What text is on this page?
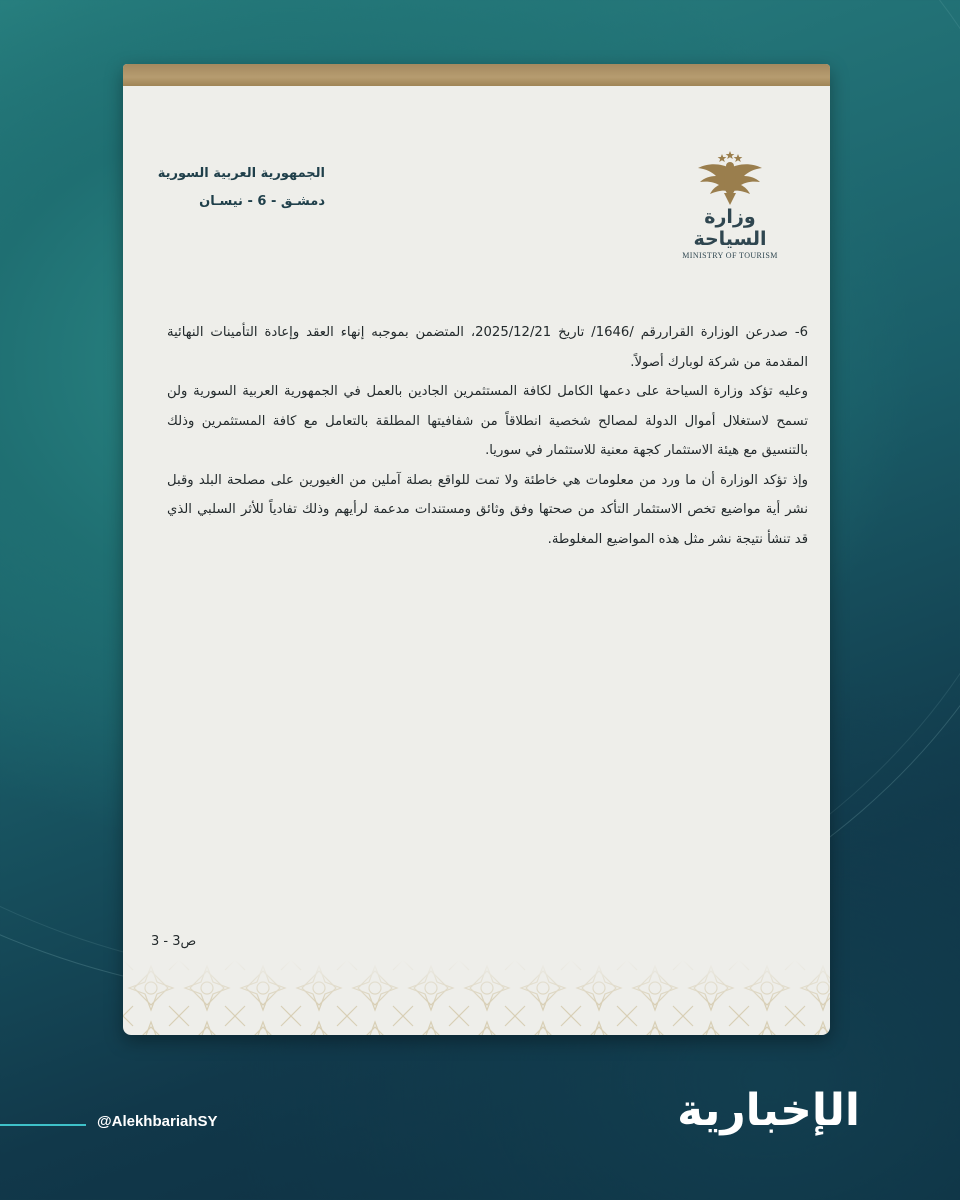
وزارة السياحة
MINISTRY OF TOURISM
الجمهورية العربية السورية
دمشـق - 6 - نيسـان

6- صدرعن الوزارة القراررقم /1646/ تاريخ 2025/12/21، المتضمن بموجبه إنهاء العقد وإعادة التأمينات النهائية المقدمة من شركة لوبارك أصولاً.

وعليه تؤكد وزارة السياحة على دعمها الكامل لكافة المستثمرين الجادين بالعمل في الجمهورية العربية السورية ولن تسمح لاستغلال أموال الدولة لمصالح شخصية انطلاقاً من شفافيتها المطلقة بالتعامل مع كافة المستثمرين وذلك بالتنسيق مع هيئة الاستثمار كجهة معنية للاستثمار في سوريا.

وإذ تؤكد الوزارة أن ما ورد من معلومات هي خاطئة ولا تمت للواقع بصلة آملين من الغيورين على مصلحة البلد وقبل نشر أية مواضيع تخص الاستثمار التأكد من صحتها وفق وثائق ومستندات مدعمة لرأيهم وذلك تفادياً للأثر السلبي الذي قد تنشأ نتيجة نشر مثل هذه المواضيع المغلوطة.

ص3 - 3
@AlekhbariahSY	الإخبارية
